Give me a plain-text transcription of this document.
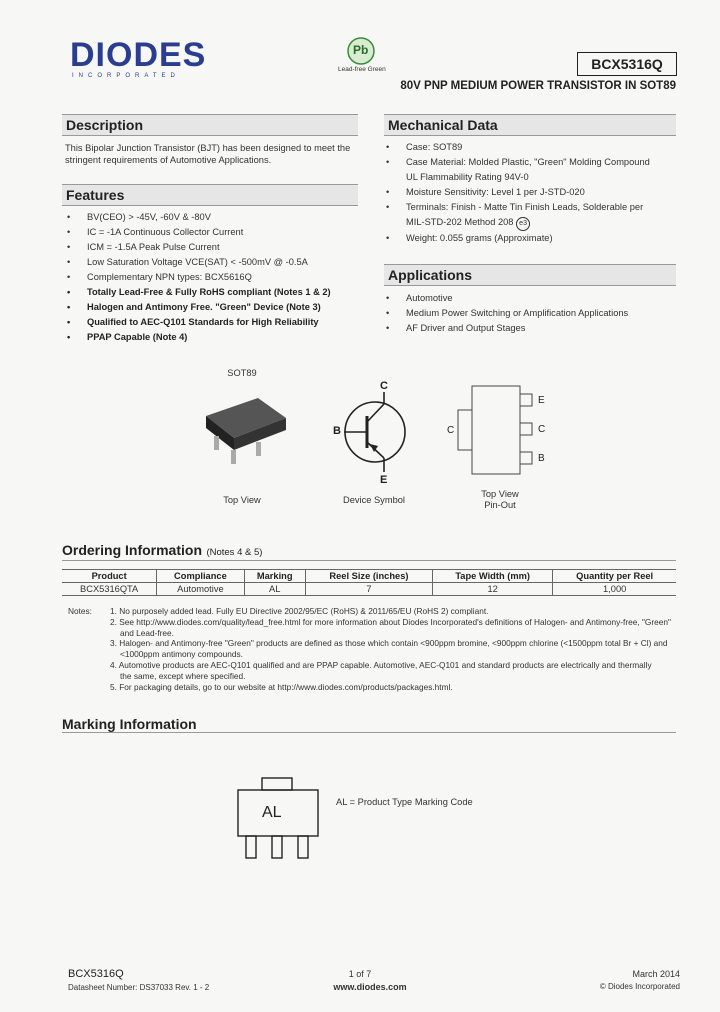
DIODES
INCORPORATED
Pb
Lead-free Green	BCX5316Q
80V PNP MEDIUM POWER TRANSISTOR IN SOT89
Description
This Bipolar Junction Transistor (BJT) has been designed to meet the stringent requirements of Automotive Applications.
Features
• BV(CEO) > -45V, -60V & -80V
• IC = -1A Continuous Collector Current
• ICM = -1.5A Peak Pulse Current
• Low Saturation Voltage VCE(SAT) < -500mV @ -0.5A
• Complementary NPN types: BCX5616Q
• Totally Lead-Free & Fully RoHS compliant (Notes 1 & 2)
• Halogen and Antimony Free. "Green" Device (Note 3)
• Qualified to AEC-Q101 Standards for High Reliability
• PPAP Capable (Note 4)
Mechanical Data
• Case: SOT89
• Case Material: Molded Plastic, "Green" Molding Compound
UL Flammability Rating 94V-0
• Moisture Sensitivity: Level 1 per J-STD-020
• Terminals: Finish - Matte Tin Finish Leads, Solderable per
MIL-STD-202 Method 208 e3
• Weight: 0.055 grams (Approximate)
Applications
• Automotive
• Medium Power Switching or Amplification Applications
• AF Driver and Output Stages
SOT89
Top View
C
B
E
Device Symbol
E
C
B
C
Top View
Pin-Out
Ordering Information (Notes 4 & 5)
Product	Compliance	Marking	Reel Size (inches)	Tape Width (mm)	Quantity per Reel
BCX5316QTA	Automotive	AL	7	12	1,000
Notes: 1. No purposely added lead. Fully EU Directive 2002/95/EC (RoHS) & 2011/65/EU (RoHS 2) compliant.
2. See http://www.diodes.com/quality/lead_free.html for more information about Diodes Incorporated's definitions of Halogen- and Antimony-free, "Green"
and Lead-free.
3. Halogen- and Antimony-free "Green" products are defined as those which contain <900ppm bromine, <900ppm chlorine (<1500ppm total Br + Cl) and
<1000ppm antimony compounds.
4. Automotive products are AEC-Q101 qualified and are PPAP capable. Automotive, AEC-Q101 and standard products are electrically and thermally
the same, except where specified.
5. For packaging details, go to our website at http://www.diodes.com/products/packages.html.
Marking Information
AL
AL = Product Type Marking Code
BCX5316Q
Datasheet Number: DS37033 Rev. 1 - 2
1 of 7
www.diodes.com
March 2014
© Diodes Incorporated
